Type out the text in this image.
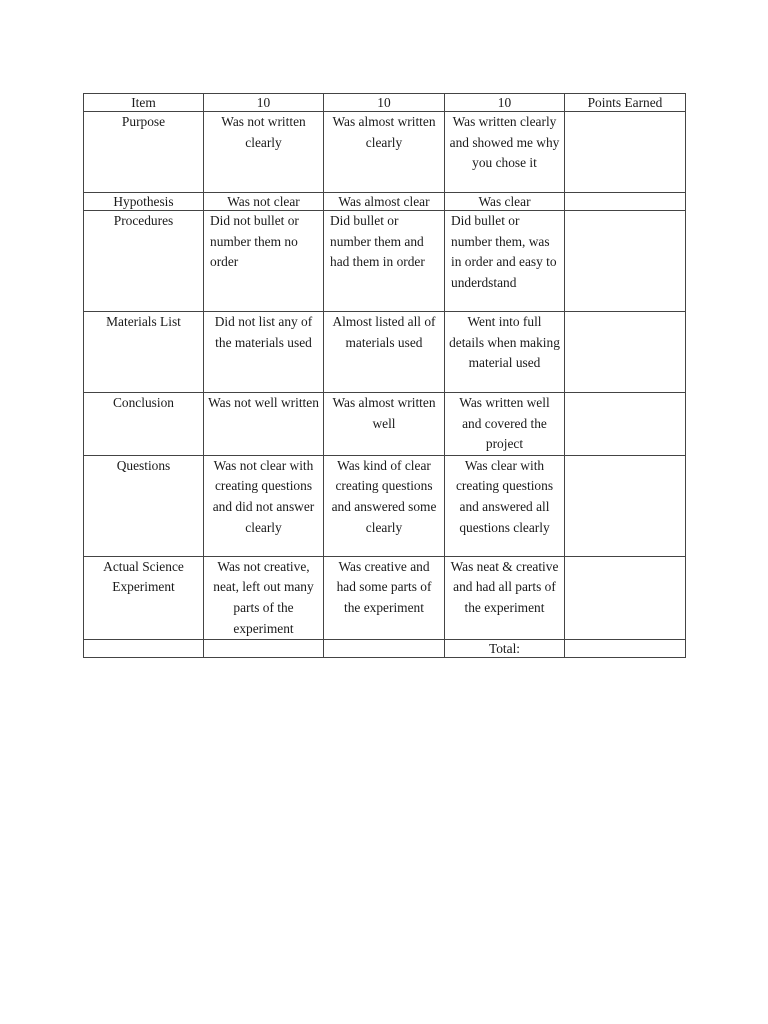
Item	10	10	10	Points Earned
Purpose	Was not written clearly	Was almost written clearly	Was written clearly and showed me why you chose it	
Hypothesis	Was not clear	Was almost clear	Was clear	
Procedures	Did not bullet or number them no order	Did bullet or number them and had them in order	Did bullet or number them, was in order and easy to underdstand	
Materials List	Did not list any of the materials used	Almost listed all of materials used	Went into full details when making material used	
Conclusion	Was not well written	Was almost written well	Was written well and covered the project	
Questions	Was not clear with creating questions and did not answer clearly	Was kind of clear creating questions and answered some clearly	Was clear with creating questions and answered all questions clearly	
Actual Science Experiment	Was not creative, neat, left out many parts of the experiment	Was creative and had some parts of the experiment	Was neat & creative and had all parts of the experiment	
			Total:	
